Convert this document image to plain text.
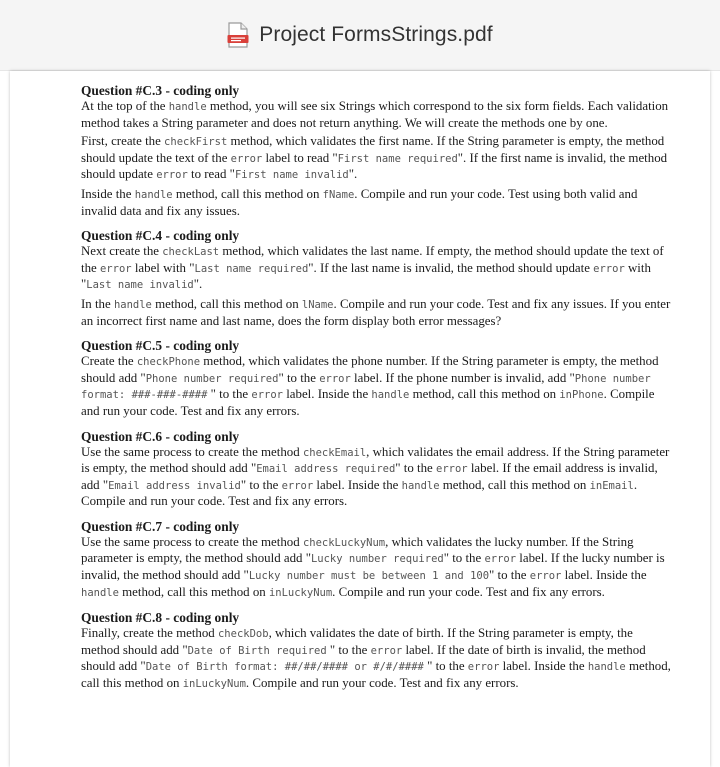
Project FormsStrings.pdf
Question #C.3 - coding only

At the top of the handle method, you will see six Strings which correspond to the six form fields. Each validation method takes a String parameter and does not return anything. We will create the methods one by one.

First, create the checkFirst method, which validates the first name. If the String parameter is empty, the method should update the text of the error label to read "First name required". If the first name is invalid, the method should update error to read "First name invalid".

Inside the handle method, call this method on fName. Compile and run your code. Test using both valid and invalid data and fix any issues.

Question #C.4 - coding only

Next create the checkLast method, which validates the last name. If empty, the method should update the text of the error label with "Last name required". If the last name is invalid, the method should update error with "Last name invalid".

In the handle method, call this method on lName. Compile and run your code. Test and fix any issues. If you enter an incorrect first name and last name, does the form display both error messages?

Question #C.5 - coding only

Create the checkPhone method, which validates the phone number. If the String parameter is empty, the method should add "Phone number required" to the error label. If the phone number is invalid, add "Phone number format: ###-###-#### " to the error label. Inside the handle method, call this method on inPhone. Compile and run your code. Test and fix any errors.

Question #C.6 - coding only

Use the same process to create the method checkEmail, which validates the email address. If the String parameter is empty, the method should add "Email address required" to the error label. If the email address is invalid, add "Email address invalid" to the error label. Inside the handle method, call this method on inEmail. Compile and run your code. Test and fix any errors.

Question #C.7 - coding only

Use the same process to create the method checkLuckyNum, which validates the lucky number. If the String parameter is empty, the method should add "Lucky number required" to the error label. If the lucky number is invalid, the method should add "Lucky number must be between 1 and 100" to the error label. Inside the handle method, call this method on inLuckyNum. Compile and run your code. Test and fix any errors.

Question #C.8 - coding only

Finally, create the method checkDob, which validates the date of birth. If the String parameter is empty, the method should add "Date of Birth required " to the error label. If the date of birth is invalid, the method should add "Date of Birth format: ##/##/#### or #/#/#### " to the error label. Inside the handle method, call this method on inLuckyNum. Compile and run your code. Test and fix any errors.
